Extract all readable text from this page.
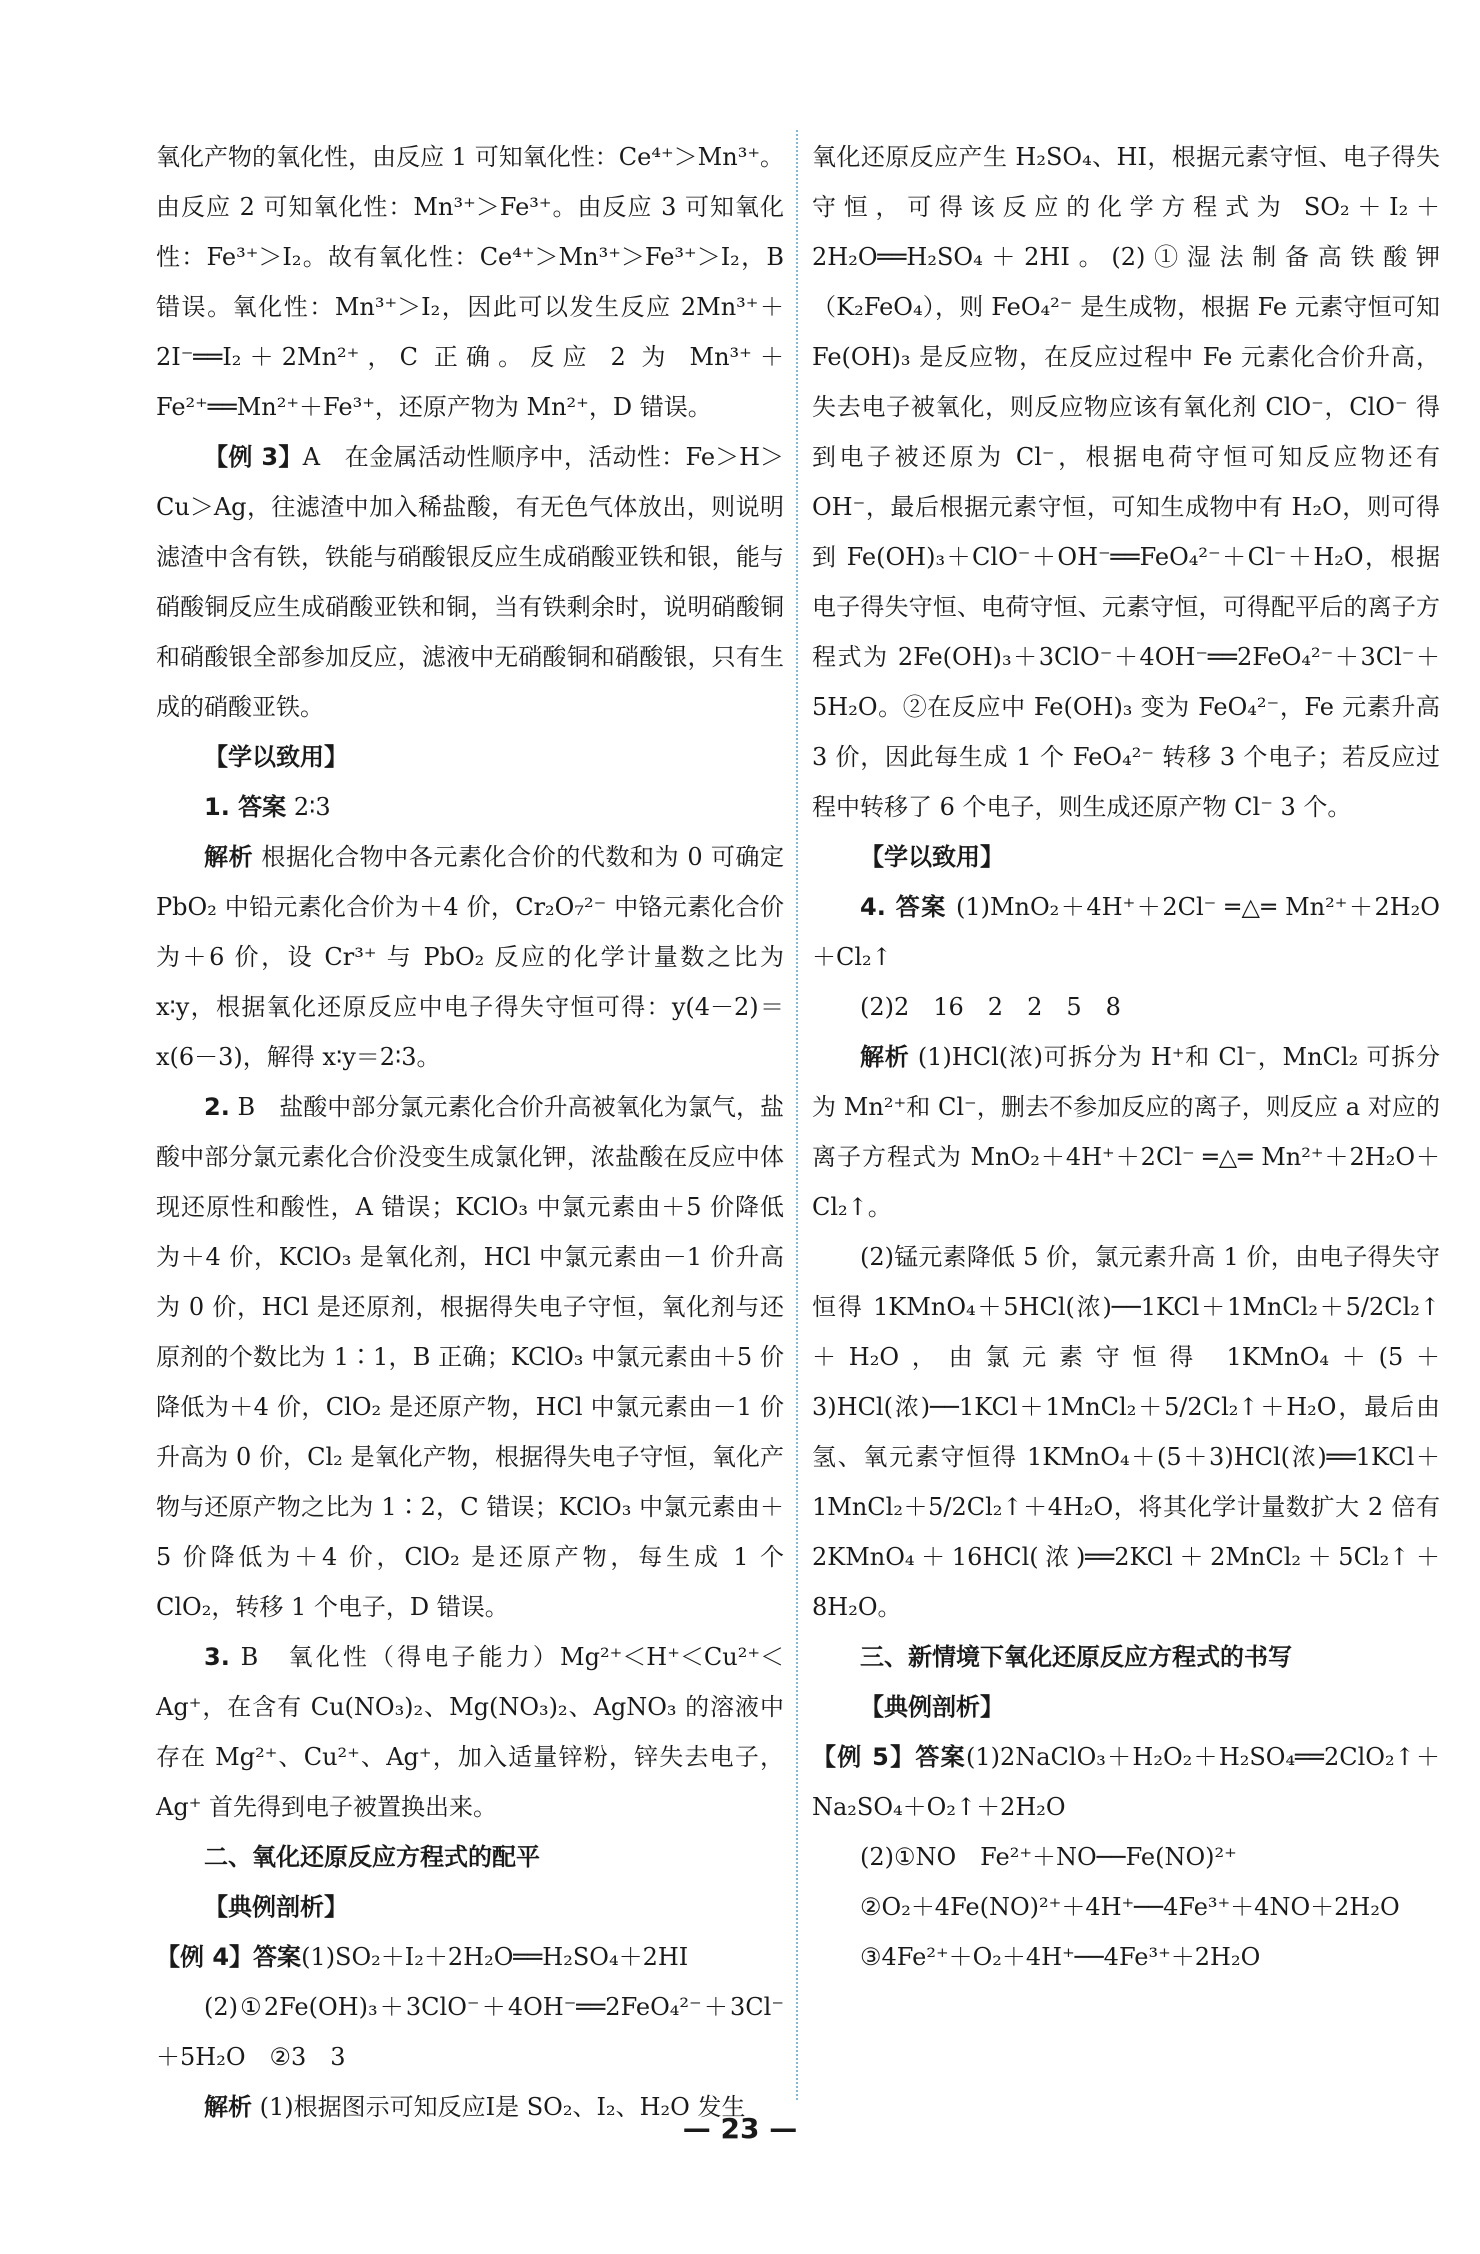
氧化产物的氧化性，由反应 1 可知氧化性：Ce⁴⁺＞Mn³⁺。由反应 2 可知氧化性：Mn³⁺＞Fe³⁺。由反应 3 可知氧化性：Fe³⁺＞I₂。故有氧化性：Ce⁴⁺＞Mn³⁺＞Fe³⁺＞I₂，B 错误。氧化性：Mn³⁺＞I₂，因此可以发生反应 2Mn³⁺＋2I⁻══I₂＋2Mn²⁺，C 正确。反应 2 为 Mn³⁺＋Fe²⁺══Mn²⁺＋Fe³⁺，还原产物为 Mn²⁺，D 错误。

【例 3】A　在金属活动性顺序中，活动性：Fe＞H＞Cu＞Ag，往滤渣中加入稀盐酸，有无色气体放出，则说明滤渣中含有铁，铁能与硝酸银反应生成硝酸亚铁和银，能与硝酸铜反应生成硝酸亚铁和铜，当有铁剩余时，说明硝酸铜和硝酸银全部参加反应，滤液中无硝酸铜和硝酸银，只有生成的硝酸亚铁。

【学以致用】

1. 答案 2∶3

解析 根据化合物中各元素化合价的代数和为 0 可确定 PbO₂ 中铅元素化合价为＋4 价，Cr₂O₇²⁻ 中铬元素化合价为＋6 价，设 Cr³⁺ 与 PbO₂ 反应的化学计量数之比为 x∶y，根据氧化还原反应中电子得失守恒可得：y(4－2)＝x(6－3)，解得 x∶y＝2∶3。

2. B　盐酸中部分氯元素化合价升高被氧化为氯气，盐酸中部分氯元素化合价没变生成氯化钾，浓盐酸在反应中体现还原性和酸性，A 错误；KClO₃ 中氯元素由＋5 价降低为＋4 价，KClO₃ 是氧化剂，HCl 中氯元素由－1 价升高为 0 价，HCl 是还原剂，根据得失电子守恒，氧化剂与还原剂的个数比为 1∶1，B 正确；KClO₃ 中氯元素由＋5 价降低为＋4 价，ClO₂ 是还原产物，HCl 中氯元素由－1 价升高为 0 价，Cl₂ 是氧化产物，根据得失电子守恒，氧化产物与还原产物之比为 1∶2，C 错误；KClO₃ 中氯元素由＋5 价降低为＋4 价，ClO₂ 是还原产物，每生成 1 个 ClO₂，转移 1 个电子，D 错误。

3. B　氧化性（得电子能力）Mg²⁺＜H⁺＜Cu²⁺＜Ag⁺，在含有 Cu(NO₃)₂、Mg(NO₃)₂、AgNO₃ 的溶液中存在 Mg²⁺、Cu²⁺、Ag⁺，加入适量锌粉，锌失去电子，Ag⁺ 首先得到电子被置换出来。

二、氧化还原反应方程式的配平

【典例剖析】

【例 4】答案(1)SO₂＋I₂＋2H₂O══H₂SO₄＋2HI

(2)①2Fe(OH)₃＋3ClO⁻＋4OH⁻══2FeO₄²⁻＋3Cl⁻＋5H₂O　②3　3

解析 (1)根据图示可知反应Ⅰ是 SO₂、I₂、H₂O 发生

氧化还原反应产生 H₂SO₄、HI，根据元素守恒、电子得失守恒，可得该反应的化学方程式为 SO₂＋I₂＋2H₂O══H₂SO₄＋2HI。(2)①湿法制备高铁酸钾（K₂FeO₄），则 FeO₄²⁻ 是生成物，根据 Fe 元素守恒可知 Fe(OH)₃ 是反应物，在反应过程中 Fe 元素化合价升高，失去电子被氧化，则反应物应该有氧化剂 ClO⁻，ClO⁻ 得到电子被还原为 Cl⁻，根据电荷守恒可知反应物还有 OH⁻，最后根据元素守恒，可知生成物中有 H₂O，则可得到 Fe(OH)₃＋ClO⁻＋OH⁻══FeO₄²⁻＋Cl⁻＋H₂O，根据电子得失守恒、电荷守恒、元素守恒，可得配平后的离子方程式为 2Fe(OH)₃＋3ClO⁻＋4OH⁻══2FeO₄²⁻＋3Cl⁻＋5H₂O。②在反应中 Fe(OH)₃ 变为 FeO₄²⁻，Fe 元素升高 3 价，因此每生成 1 个 FeO₄²⁻ 转移 3 个电子；若反应过程中转移了 6 个电子，则生成还原产物 Cl⁻ 3 个。

【学以致用】

4. 答案 (1)MnO₂＋4H⁺＋2Cl⁻ ═△═ Mn²⁺＋2H₂O＋Cl₂↑

(2)2　16　2　2　5　8

解析 (1)HCl(浓)可拆分为 H⁺和 Cl⁻，MnCl₂ 可拆分为 Mn²⁺和 Cl⁻，删去不参加反应的离子，则反应 a 对应的离子方程式为 MnO₂＋4H⁺＋2Cl⁻ ═△═ Mn²⁺＋2H₂O＋Cl₂↑。

(2)锰元素降低 5 价，氯元素升高 1 价，由电子得失守恒得 1KMnO₄＋5HCl(浓)──1KCl＋1MnCl₂＋5/2Cl₂↑＋H₂O，由氯元素守恒得 1KMnO₄＋(5＋3)HCl(浓)──1KCl＋1MnCl₂＋5/2Cl₂↑＋H₂O，最后由氢、氧元素守恒得 1KMnO₄＋(5＋3)HCl(浓)══1KCl＋1MnCl₂＋5/2Cl₂↑＋4H₂O，将其化学计量数扩大 2 倍有 2KMnO₄＋16HCl(浓)══2KCl＋2MnCl₂＋5Cl₂↑＋8H₂O。

三、新情境下氧化还原反应方程式的书写

【典例剖析】

【例 5】答案(1)2NaClO₃＋H₂O₂＋H₂SO₄══2ClO₂↑＋Na₂SO₄＋O₂↑＋2H₂O

(2)①NO　Fe²⁺＋NO──Fe(NO)²⁺

②O₂＋4Fe(NO)²⁺＋4H⁺──4Fe³⁺＋4NO＋2H₂O

③4Fe²⁺＋O₂＋4H⁺──4Fe³⁺＋2H₂O

— 23 —
